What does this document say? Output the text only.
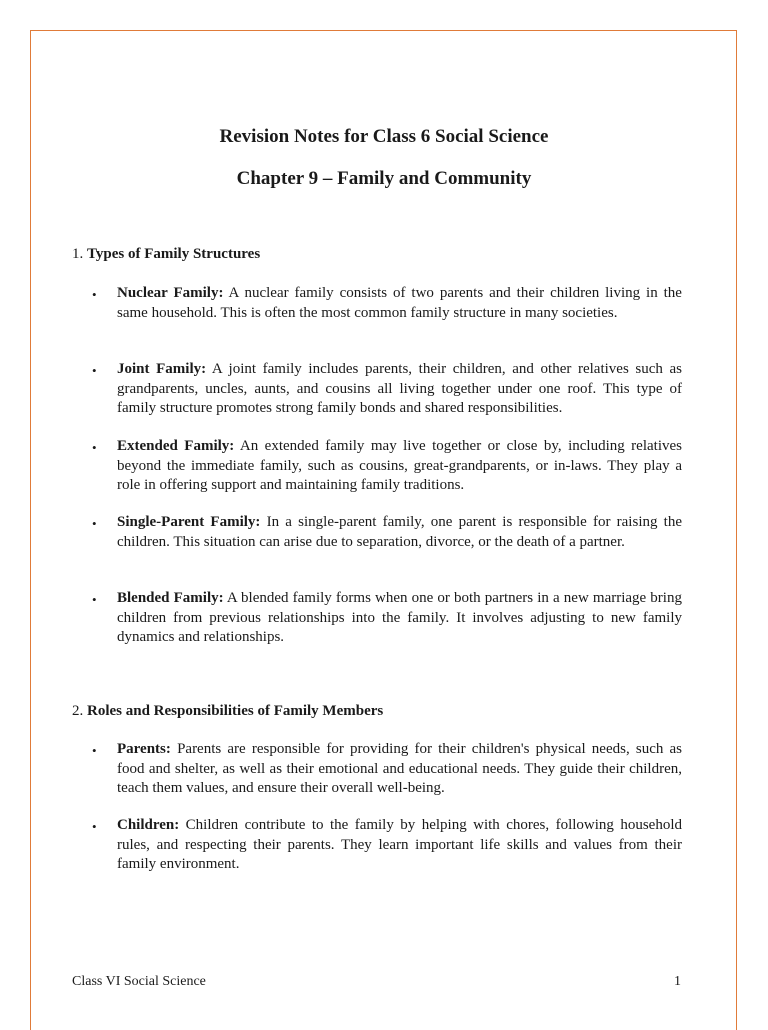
Revision Notes for Class 6 Social Science
Chapter 9 – Family and Community
1. Types of Family Structures
• Nuclear Family: A nuclear family consists of two parents and their children living in the same household. This is often the most common family structure in many societies.
• Joint Family: A joint family includes parents, their children, and other relatives such as grandparents, uncles, aunts, and cousins all living together under one roof. This type of family structure promotes strong family bonds and shared responsibilities.
• Extended Family: An extended family may live together or close by, including relatives beyond the immediate family, such as cousins, great-grandparents, or in-laws. They play a role in offering support and maintaining family traditions.
• Single-Parent Family: In a single-parent family, one parent is responsible for raising the children. This situation can arise due to separation, divorce, or the death of a partner.
• Blended Family: A blended family forms when one or both partners in a new marriage bring children from previous relationships into the family. It involves adjusting to new family dynamics and relationships.
2. Roles and Responsibilities of Family Members
• Parents: Parents are responsible for providing for their children's physical needs, such as food and shelter, as well as their emotional and educational needs. They guide their children, teach them values, and ensure their overall well-being.
• Children: Children contribute to the family by helping with chores, following household rules, and respecting their parents. They learn important life skills and values from their family environment.
Class VI Social Science	1
